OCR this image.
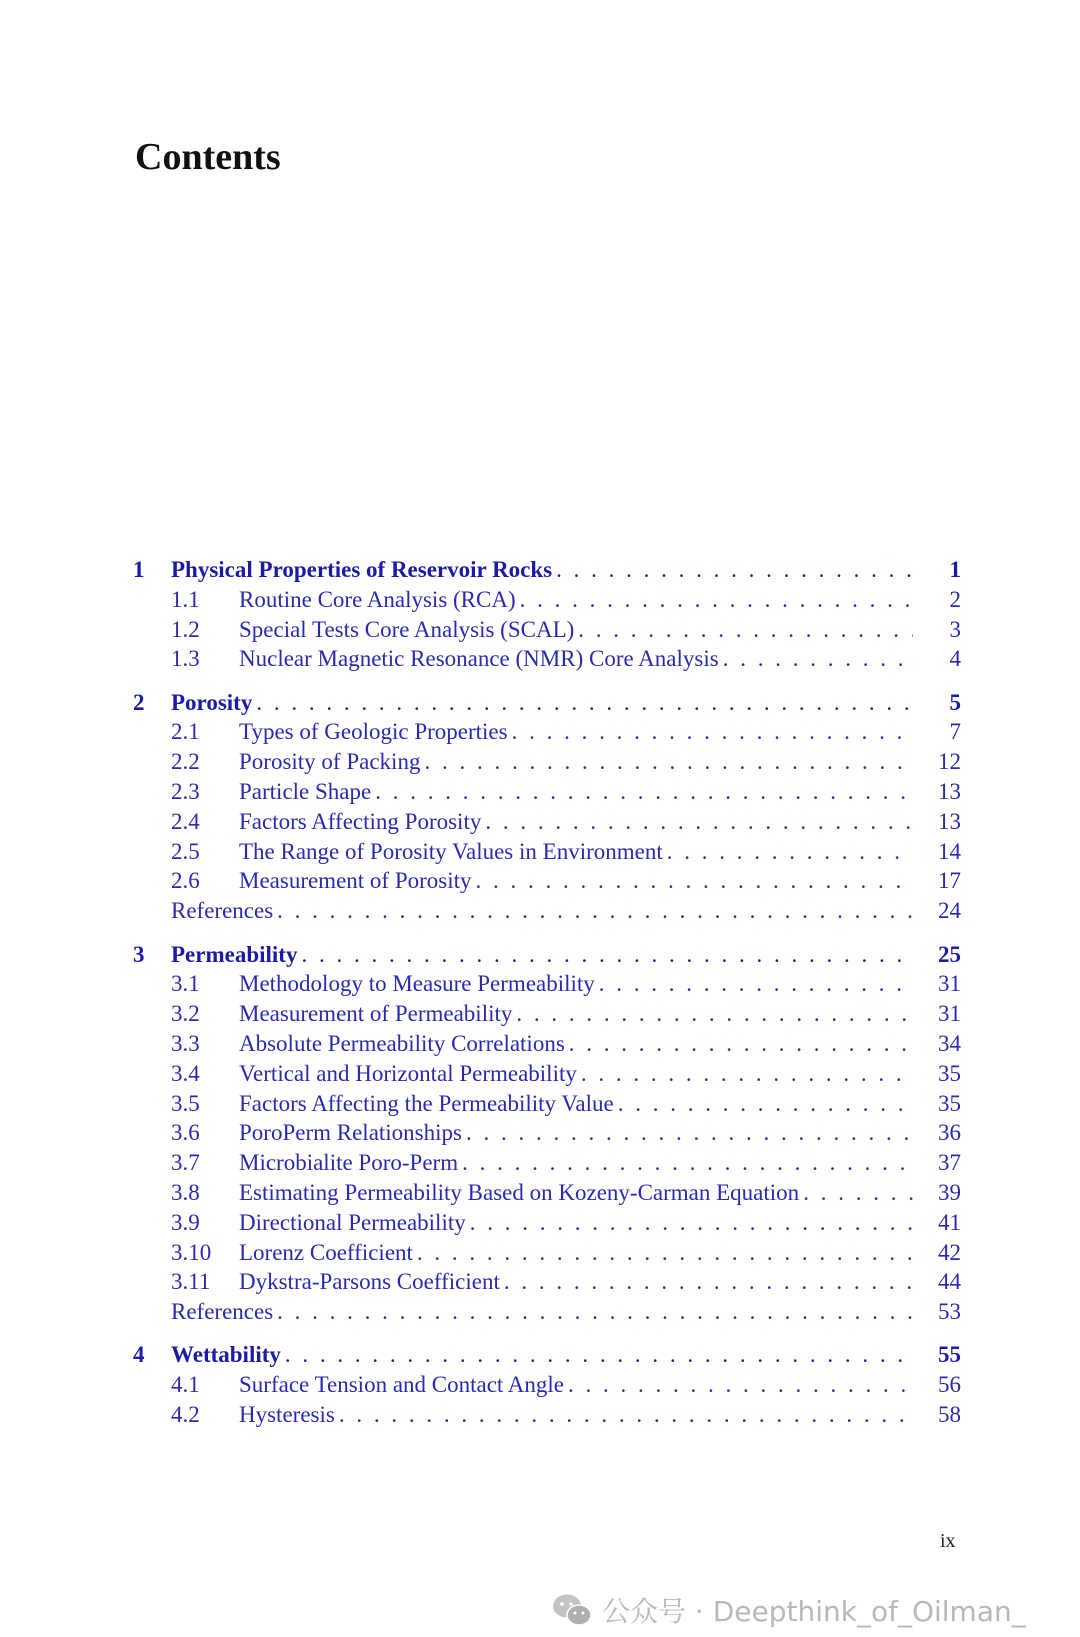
Contents
1	Physical Properties of Reservoir Rocks . . .	1
1.1	Routine Core Analysis (RCA) . . .	2
1.2	Special Tests Core Analysis (SCAL) . . .	3
1.3	Nuclear Magnetic Resonance (NMR) Core Analysis . . .	4
2	Porosity . . .	5
2.1	Types of Geologic Properties . . .	7
2.2	Porosity of Packing . . .	12
2.3	Particle Shape . . .	13
2.4	Factors Affecting Porosity . . .	13
2.5	The Range of Porosity Values in Environment . . .	14
2.6	Measurement of Porosity . . .	17
References . . .	24
3	Permeability . . .	25
3.1	Methodology to Measure Permeability . . .	31
3.2	Measurement of Permeability . . .	31
3.3	Absolute Permeability Correlations . . .	34
3.4	Vertical and Horizontal Permeability . . .	35
3.5	Factors Affecting the Permeability Value . . .	35
3.6	PoroPerm Relationships . . .	36
3.7	Microbialite Poro-Perm . . .	37
3.8	Estimating Permeability Based on Kozeny-Carman Equation . . .	39
3.9	Directional Permeability . . .	41
3.10	Lorenz Coefficient . . .	42
3.11	Dykstra-Parsons Coefficient . . .	44
References . . .	53
4	Wettability . . .	55
4.1	Surface Tension and Contact Angle . . .	56
4.2	Hysteresis . . .	58
ix
公众号 · Deepthink_of_Oilman_
